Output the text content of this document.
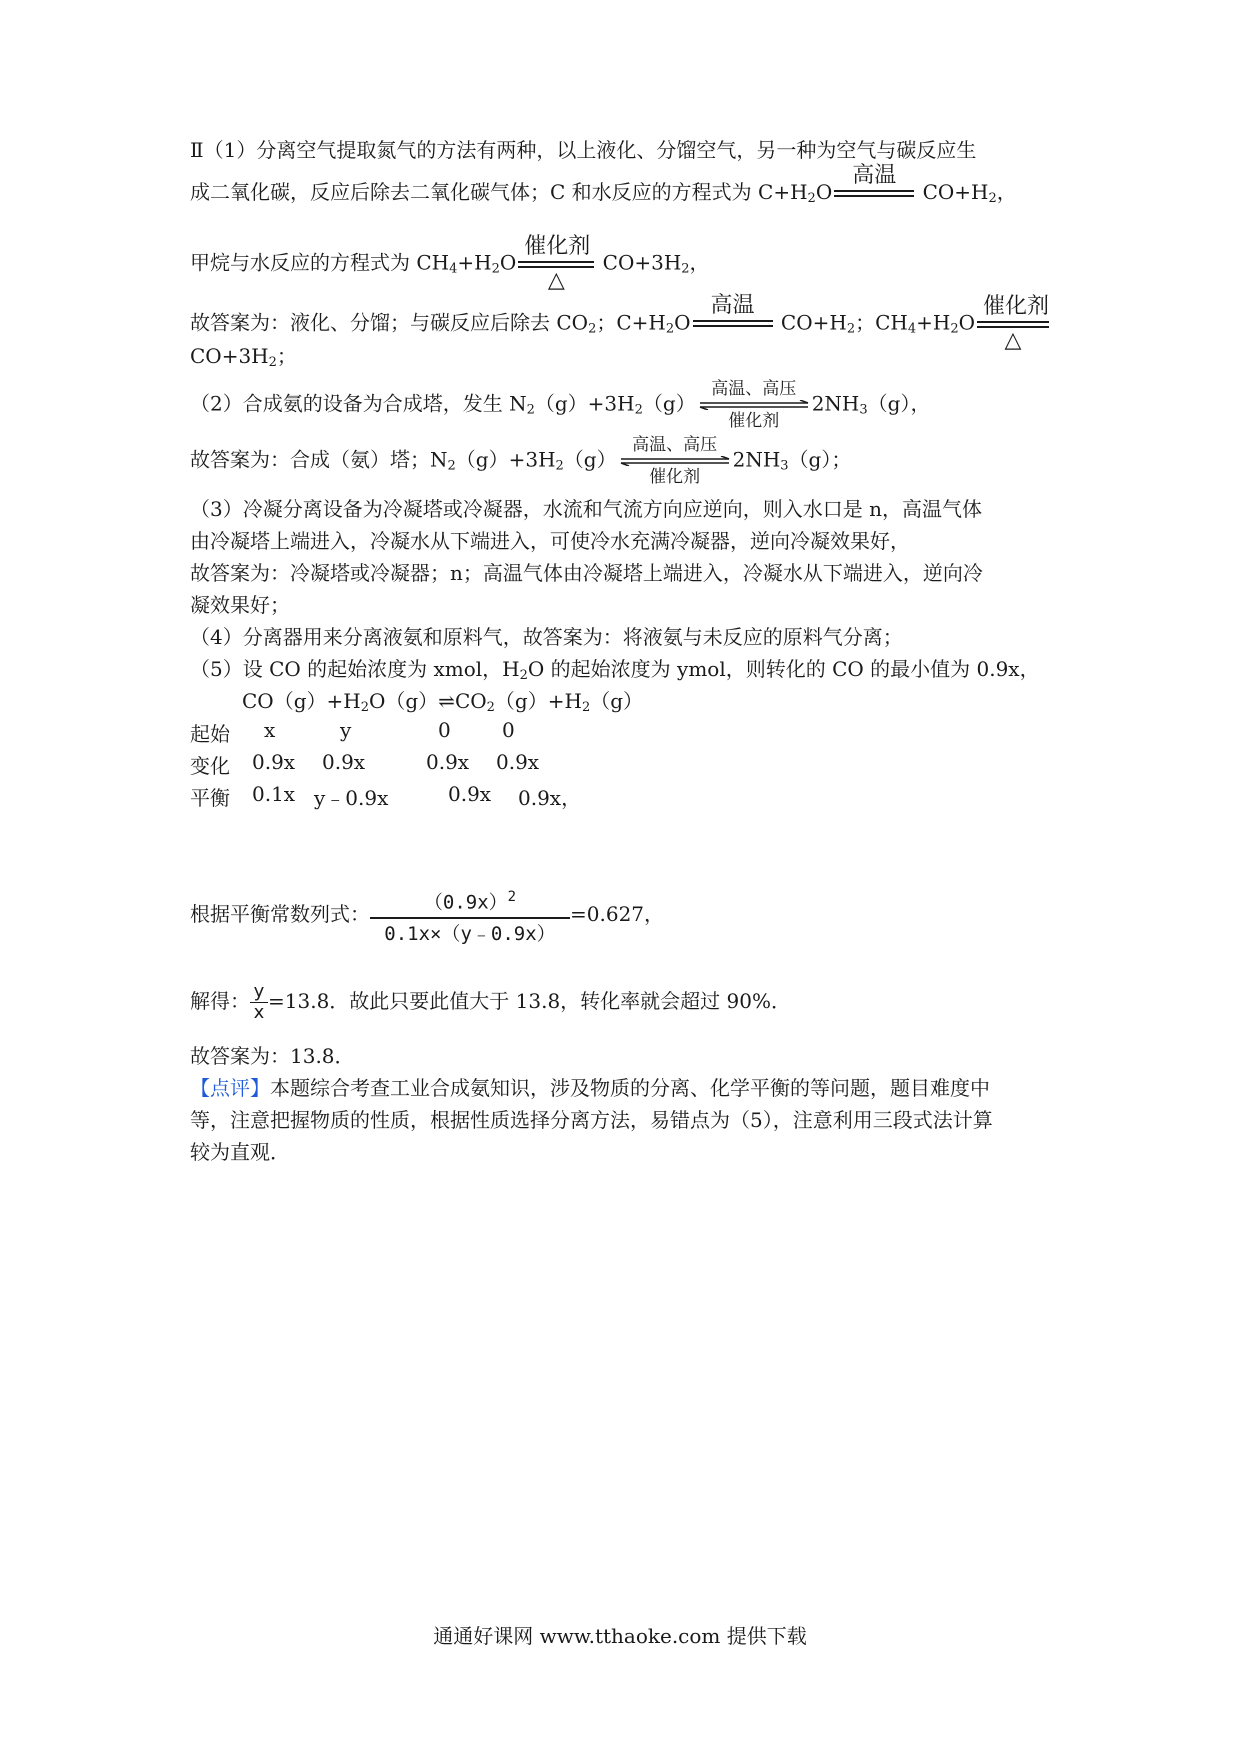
Ⅱ（1）分离空气提取氮气的方法有两种，以上液化、分馏空气，另一种为空气与碳反应生
成二氧化碳，反应后除去二氧化碳气体；C 和水反应的方程式为 $C+H_2O$
高温
$CO+H_2$，
甲烷与水反应的方程式为 $CH_4+H_2O$
催化剂
△
$CO+3H_2$，
故答案为：液化、分馏；与碳反应后除去 $CO_2$；$C+H_2O$
高温
$CO+H_2$；$CH_4+H_2O$
催化剂
△
$CO+3H_2$；
（2）合成氨的设备为合成塔，发生 $N_2(g)+3H_2(g)$
高温、高压
催化剂
$2NH_3(g)$，
故答案为：合成（氨）塔；$N_2(g)+3H_2(g)$
高温、高压
催化剂
$2NH_3(g)$；
（3）冷凝分离设备为冷凝塔或冷凝器，水流和气流方向应逆向，则入水口是 n，高温气体
由冷凝塔上端进入，冷凝水从下端进入，可使冷水充满冷凝器，逆向冷凝效果好，
故答案为：冷凝塔或冷凝器；n；高温气体由冷凝塔上端进入，冷凝水从下端进入，逆向冷
凝效果好；
（4）分离器用来分离液氨和原料气，故答案为：将液氨与未反应的原料气分离；
（5）设 CO 的起始浓度为 xmol，$H_2O$ 的起始浓度为 ymol，则转化的 CO 的最小值为 0.9x，
$CO(g)+H_2O(g)\rightleftharpoons CO_2(g)+H_2(g)$
起始 x	y	0	0
变化 0.9x 0.9x	0.9x 0.9x
平衡 0.1x y﹣0.9x	0.9x 0.9x，
根据平衡常数列式： $\frac{(0.9x)^2}{0.1x\times(y﹣0.9x)} =0.627$，
解得： $\frac{y}{x} =13.8$．故此只要此值大于 13.8，转化率就会超过 90%．
故答案为：13.8．
【点评】本题综合考查工业合成氨知识，涉及物质的分离、化学平衡的等问题，题目难度中
等，注意把握物质的性质，根据性质选择分离方法，易错点为（5），注意利用三段式法计算
较为直观．
通通好课网 www.tthaoke.com 提供下载
